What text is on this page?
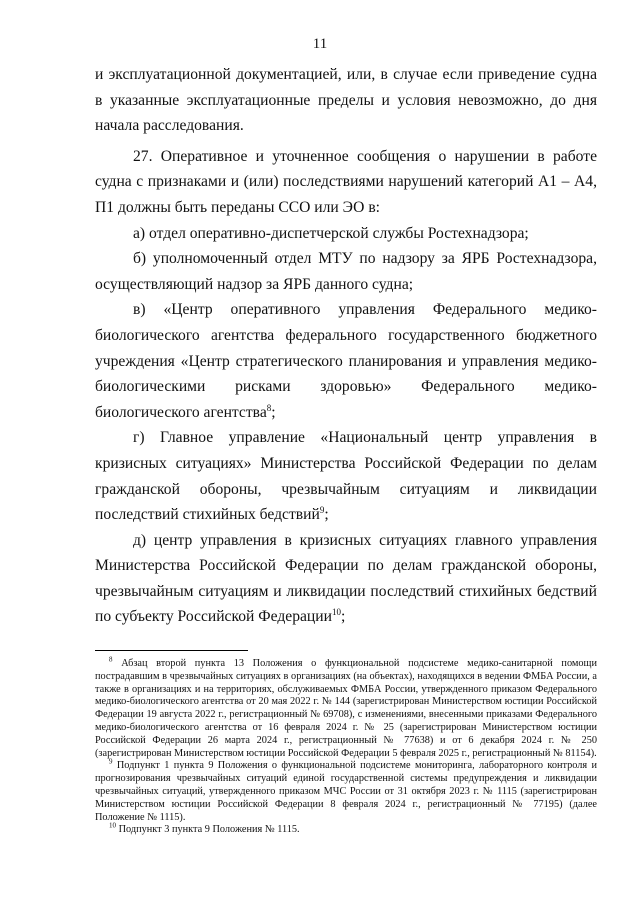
11

и эксплуатационной документацией, или, в случае если приведение судна в указанные эксплуатационные пределы и условия невозможно, до дня начала расследования.

27. Оперативное и уточненное сообщения о нарушении в работе судна с признаками и (или) последствиями нарушений категорий А1 – А4, П1 должны быть переданы ССО или ЭО в:

а) отдел оперативно-диспетчерской службы Ростехнадзора;

б) уполномоченный отдел МТУ по надзору за ЯРБ Ростехнадзора, осуществляющий надзор за ЯРБ данного судна;

в) «Центр оперативного управления Федерального медико-биологического агентства федерального государственного бюджетного учреждения «Центр стратегического планирования и управления медико-биологическими рисками здоровью» Федерального медико-биологического агентства$^8$;

г) Главное управление «Национальный центр управления в кризисных ситуациях» Министерства Российской Федерации по делам гражданской обороны, чрезвычайным ситуациям и ликвидации последствий стихийных бедствий$^9$;

д) центр управления в кризисных ситуациях главного управления Министерства Российской Федерации по делам гражданской обороны, чрезвычайным ситуациям и ликвидации последствий стихийных бедствий по субъекту Российской Федерации$^{10}$;

$^8$ Абзац второй пункта 13 Положения о функциональной подсистеме медико-санитарной помощи пострадавшим в чрезвычайных ситуациях в организациях (на объектах), находящихся в ведении ФМБА России, а также в организациях и на территориях, обслуживаемых ФМБА России, утвержденного приказом Федерального медико-биологического агентства от 20 мая 2022 г. № 144 (зарегистрирован Министерством юстиции Российской Федерации 19 августа 2022 г., регистрационный № 69708), с изменениями, внесенными приказами Федерального медико-биологического агентства от 16 февраля 2024 г. № 25 (зарегистрирован Министерством юстиции Российской Федерации 26 марта 2024 г., регистрационный № 77638) и от 6 декабря 2024 г. № 250 (зарегистрирован Министерством юстиции Российской Федерации 5 февраля 2025 г., регистрационный № 81154).

$^9$ Подпункт 1 пункта 9 Положения о функциональной подсистеме мониторинга, лабораторного контроля и прогнозирования чрезвычайных ситуаций единой государственной системы предупреждения и ликвидации чрезвычайных ситуаций, утвержденного приказом МЧС России от 31 октября 2023 г. № 1115 (зарегистрирован Министерством юстиции Российской Федерации 8 февраля 2024 г., регистрационный № 77195) (далее Положение № 1115).

$^{10}$ Подпункт 3 пункта 9 Положения № 1115.
